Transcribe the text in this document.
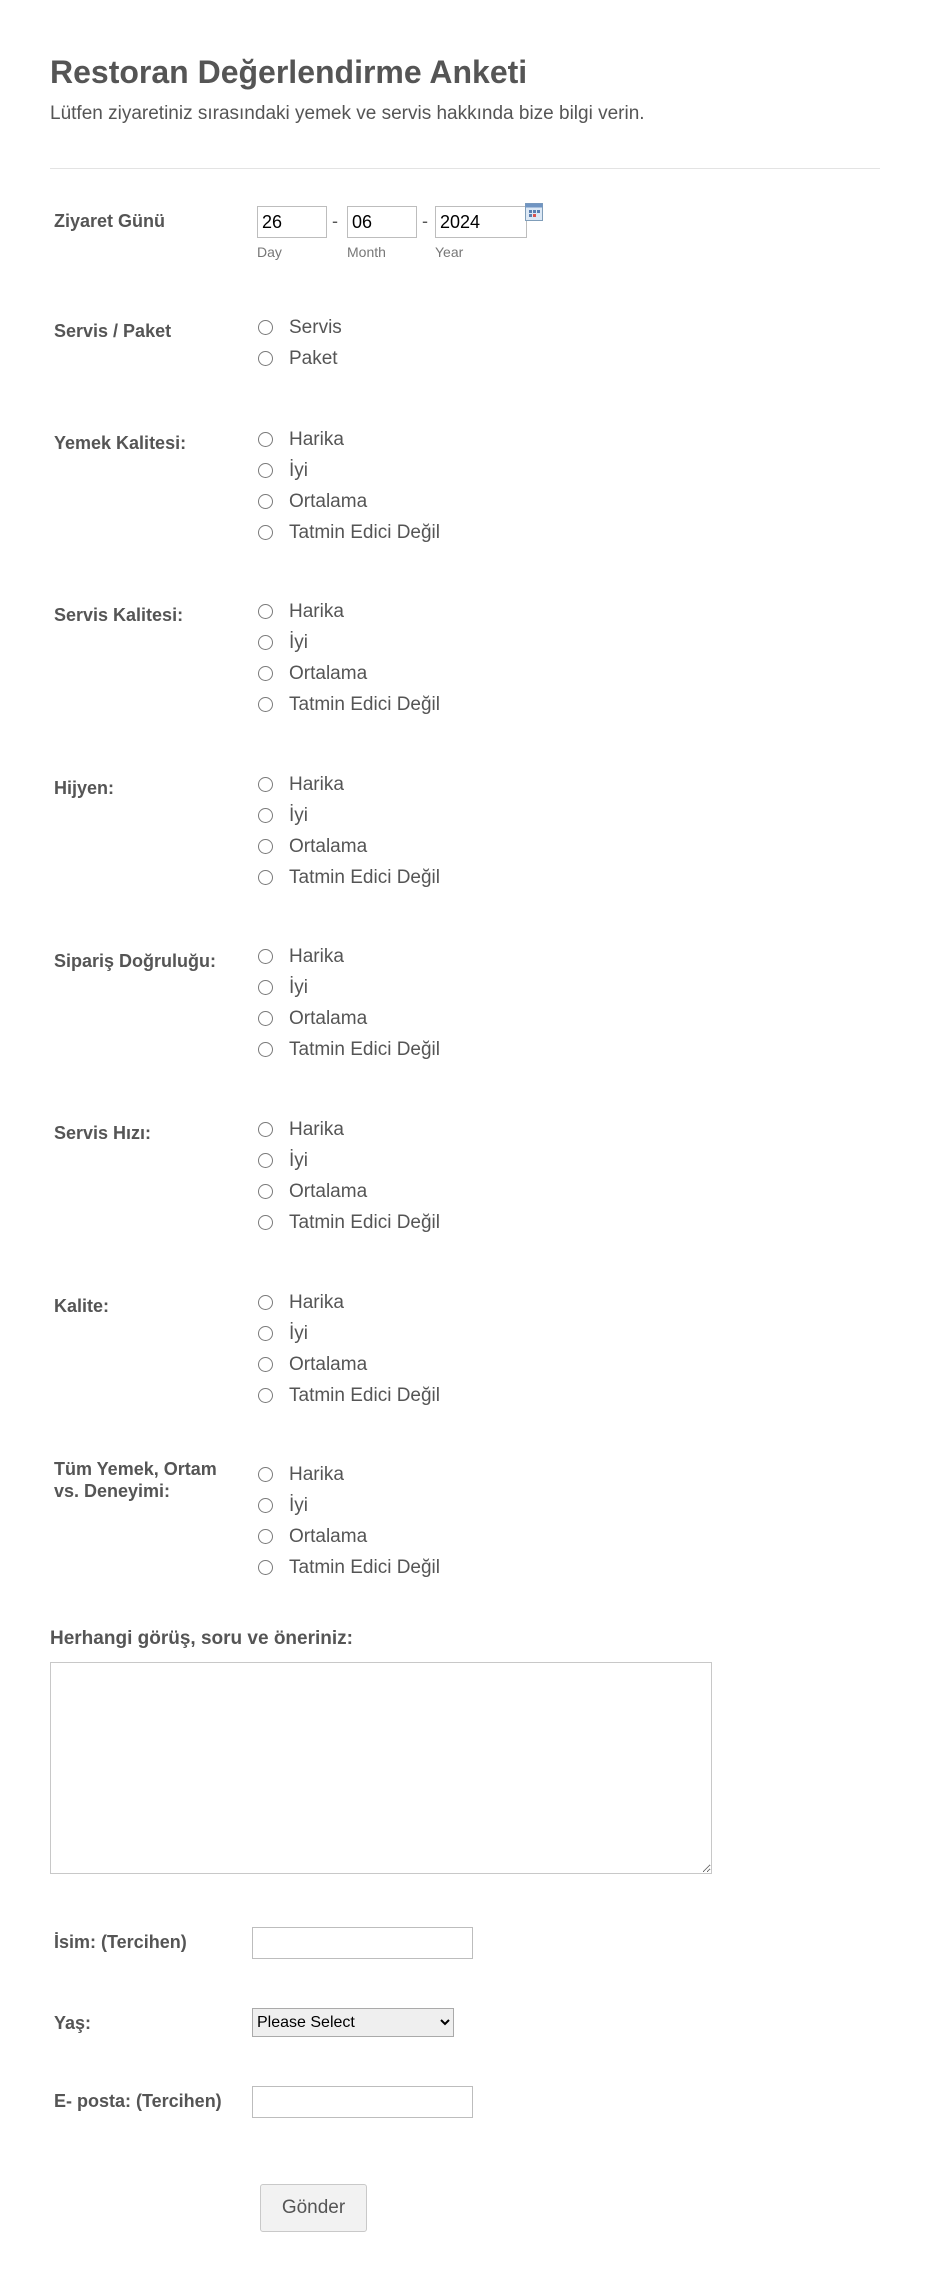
Restoran Değerlendirme Anketi
Lütfen ziyaretiniz sırasındaki yemek ve servis hakkında bize bilgi verin.
Ziyaret Günü
26	-
06	-
2024
Day	Month	Year
Servis / Paket	Servis
Paket
Yemek Kalitesi:	Harika
İyi
Ortalama
Tatmin Edici Değil
Servis Kalitesi:	Harika
İyi
Ortalama
Tatmin Edici Değil
Hijyen:	Harika
İyi
Ortalama
Tatmin Edici Değil
Sipariş Doğruluğu:	Harika
İyi
Ortalama
Tatmin Edici Değil
Servis Hızı:	Harika
İyi
Ortalama
Tatmin Edici Değil
Kalite:	Harika
İyi
Ortalama
Tatmin Edici Değil
Tüm Yemek, Ortam
vs. Deneyimi:
Harika
İyi
Ortalama
Tatmin Edici Değil
Herhangi görüş, soru ve öneriniz:
İsim: (Tercihen)
Yaş:
Please Select
E- posta: (Tercihen)
Gönder
